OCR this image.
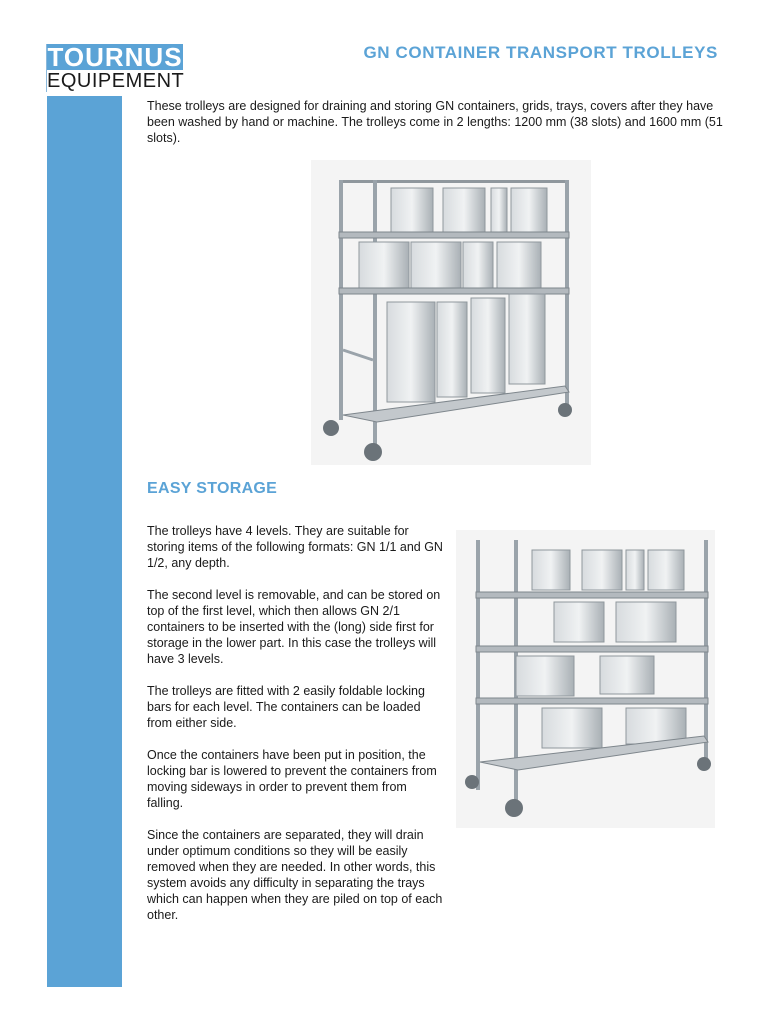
TOURNUS
EQUIPEMENT
GN CONTAINER TRANSPORT TROLLEYS
These trolleys are designed for draining and storing GN containers, grids, trays, covers after they have been washed by hand or machine. The trolleys come in 2 lengths: 1200 mm (38 slots) and 1600 mm (51 slots).
EASY STORAGE

The trolleys have 4 levels. They are suitable for storing items of the following formats: GN 1/1 and GN 1/2, any depth.

The second level is removable, and can be stored on top of the first level, which then allows GN 2/1 containers to be inserted with the (long) side first for storage in the lower part. In this case the trolleys will have 3 levels.

The trolleys are fitted with 2 easily foldable locking bars for each level. The containers can be loaded from either side.

Once the containers have been put in position, the locking bar is lowered to prevent the containers from moving sideways in order to prevent them from falling.

Since the containers are separated, they will drain under optimum conditions so they will be easily removed when they are needed. In other words, this system avoids any difficulty in separating the trays which can happen when they are piled on top of each other.
